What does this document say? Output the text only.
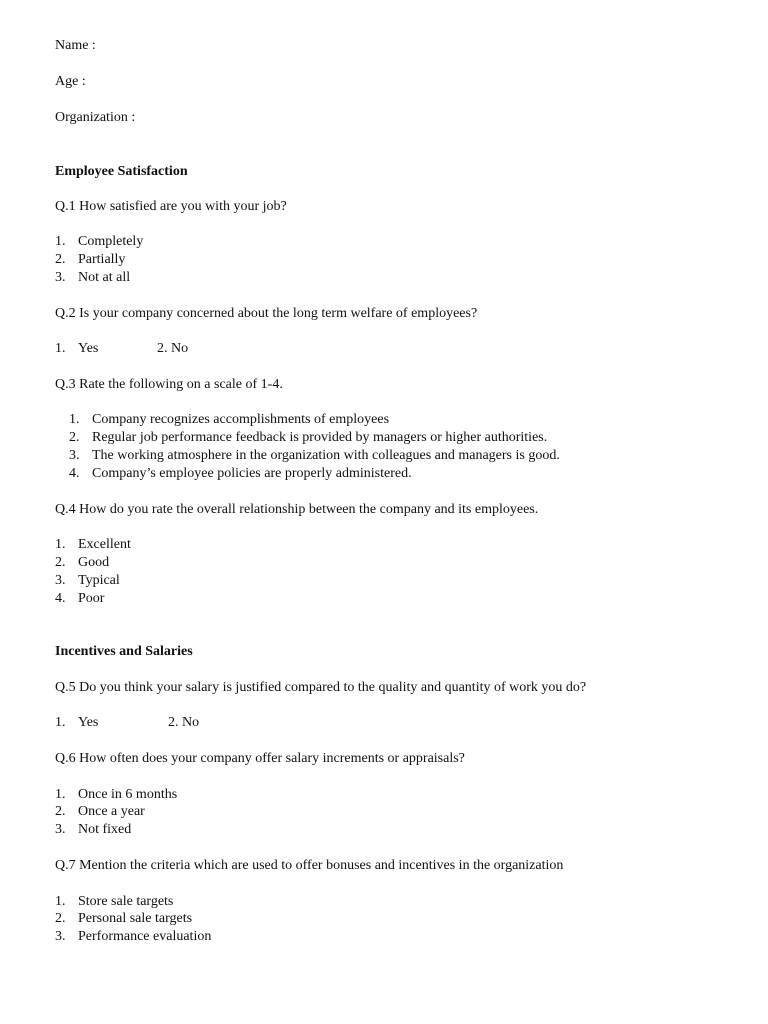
Name :
Age :
Organization :
Employee Satisfaction
Q.1 How satisfied are you with your job?
1. Completely
2. Partially
3. Not at all
Q.2 Is your company concerned about the long term welfare of employees?
1. Yes	2. No
Q.3 Rate the following on a scale of 1-4.
1. Company recognizes accomplishments of employees
2. Regular job performance feedback is provided by managers or higher authorities.
3. The working atmosphere in the organization with colleagues and managers is good.
4. Company’s employee policies are properly administered.
Q.4 How do you rate the overall relationship between the company and its employees.
1. Excellent
2. Good
3. Typical
4. Poor
Incentives and Salaries
Q.5 Do you think your salary is justified compared to the quality and quantity of work you do?
1. Yes	2. No
Q.6 How often does your company offer salary increments or appraisals?
1. Once in 6 months
2. Once a year
3. Not fixed
Q.7 Mention the criteria which are used to offer bonuses and incentives in the organization
1. Store sale targets
2. Personal sale targets
3. Performance evaluation
